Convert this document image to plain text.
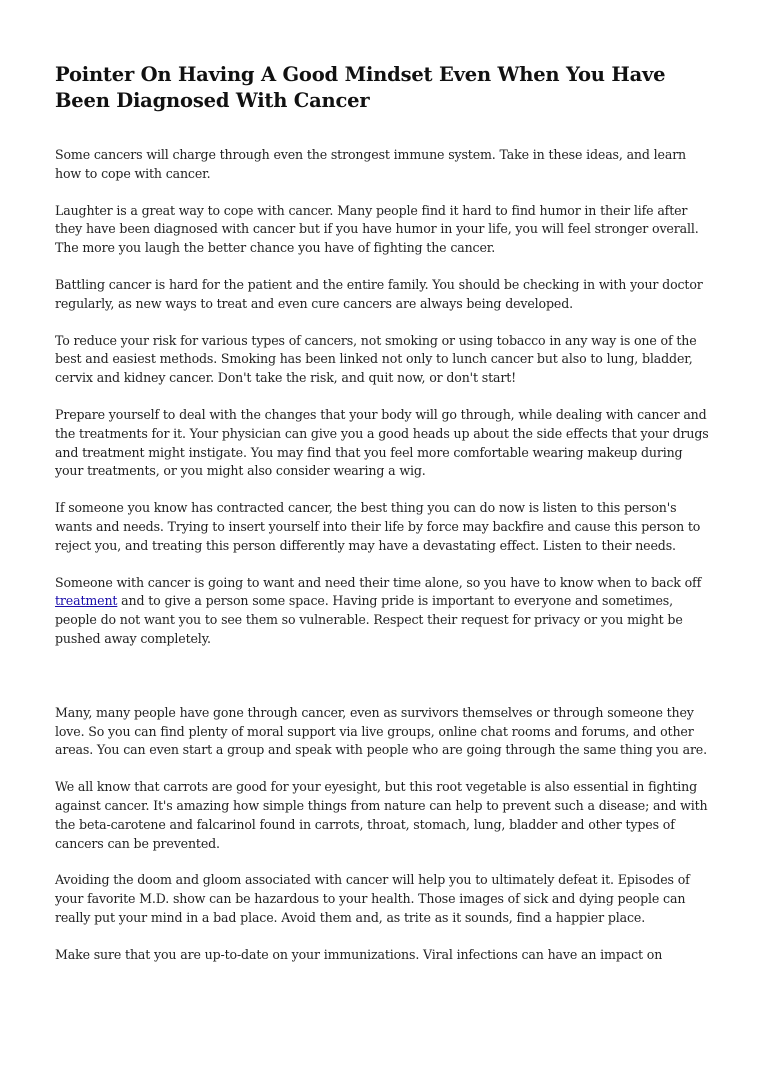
Pointer On Having A Good Mindset Even When You Have Been Diagnosed With Cancer

Some cancers will charge through even the strongest immune system. Take in these ideas, and learn how to cope with cancer.

Laughter is a great way to cope with cancer. Many people find it hard to find humor in their life after they have been diagnosed with cancer but if you have humor in your life, you will feel stronger overall. The more you laugh the better chance you have of fighting the cancer.

Battling cancer is hard for the patient and the entire family. You should be checking in with your doctor regularly, as new ways to treat and even cure cancers are always being developed.

To reduce your risk for various types of cancers, not smoking or using tobacco in any way is one of the best and easiest methods. Smoking has been linked not only to lunch cancer but also to lung, bladder, cervix and kidney cancer. Don't take the risk, and quit now, or don't start!

Prepare yourself to deal with the changes that your body will go through, while dealing with cancer and the treatments for it. Your physician can give you a good heads up about the side effects that your drugs and treatment might instigate. You may find that you feel more comfortable wearing makeup during your treatments, or you might also consider wearing a wig.

If someone you know has contracted cancer, the best thing you can do now is listen to this person's wants and needs. Trying to insert yourself into their life by force may backfire and cause this person to reject you, and treating this person differently may have a devastating effect. Listen to their needs.

Someone with cancer is going to want and need their time alone, so you have to know when to back off treatment and to give a person some space. Having pride is important to everyone and sometimes, people do not want you to see them so vulnerable. Respect their request for privacy or you might be pushed away completely.

Many, many people have gone through cancer, even as survivors themselves or through someone they love. So you can find plenty of moral support via live groups, online chat rooms and forums, and other areas. You can even start a group and speak with people who are going through the same thing you are.

We all know that carrots are good for your eyesight, but this root vegetable is also essential in fighting against cancer. It's amazing how simple things from nature can help to prevent such a disease; and with the beta-carotene and falcarinol found in carrots, throat, stomach, lung, bladder and other types of cancers can be prevented.

Avoiding the doom and gloom associated with cancer will help you to ultimately defeat it. Episodes of your favorite M.D. show can be hazardous to your health. Those images of sick and dying people can really put your mind in a bad place. Avoid them and, as trite as it sounds, find a happier place.

Make sure that you are up-to-date on your immunizations. Viral infections can have an impact on
